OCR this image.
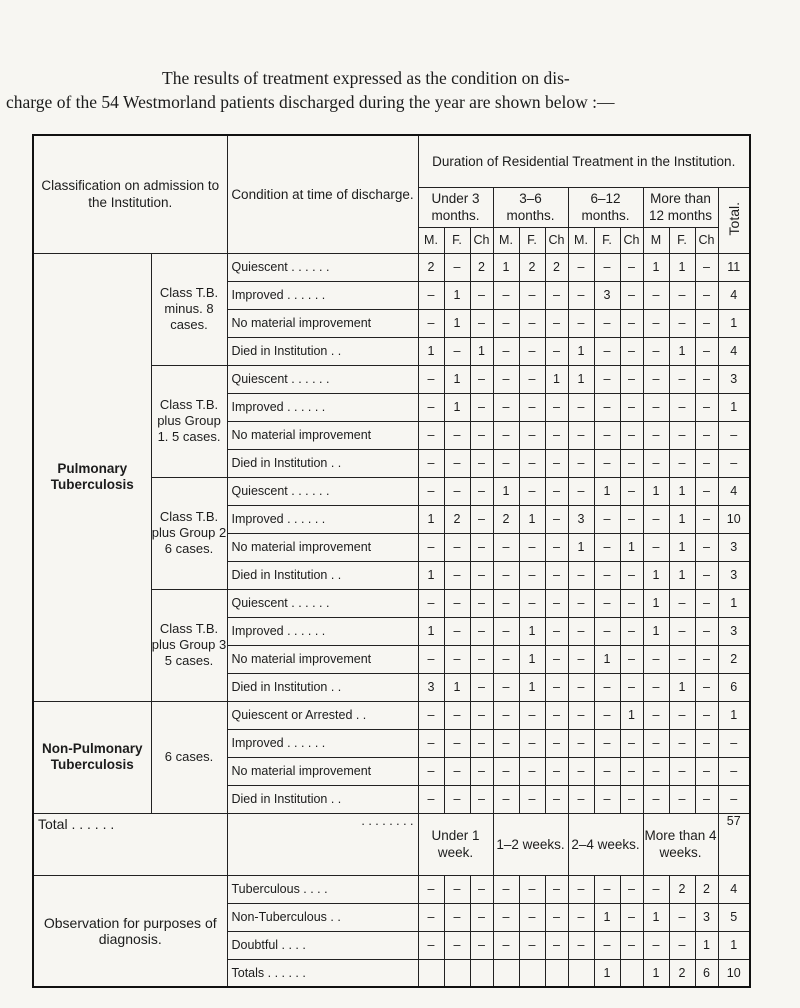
The results of treatment expressed as the condition on dis-
charge of the 54 Westmorland patients discharged during the year are shown below :—
Classification on admission to the Institution.		Condition at time of discharge.	Duration of Residential Treatment in the Institution.												
			Under 3 months.			3–6 months.			6–12 months.			More than 12 months			Total.
			M.	F.	Ch	M.	F.	Ch	M.	F.	Ch	M	F.	Ch	
Pulmonary Tuberculosis	Class T.B. minus. 8 cases.	Quiescent . . . . . .	2	–	2	1	2	2	–	–	–	1	1	–	11
		Improved . . . . . .	–	1	–	–	–	–	–	3	–	–	–	–	4
		No material improvement	–	1	–	–	–	–	–	–	–	–	–	–	1
		Died in Institution . .	1	–	1	–	–	–	1	–	–	–	1	–	4
	Class T.B. plus Group 1. 5 cases.	Quiescent . . . . . .	–	1	–	–	–	1	1	–	–	–	–	–	3
		Improved . . . . . .	–	1	–	–	–	–	–	–	–	–	–	–	1
		No material improvement	–	–	–	–	–	–	–	–	–	–	–	–	–
		Died in Institution . .	–	–	–	–	–	–	–	–	–	–	–	–	–
	Class T.B. plus Group 2 6 cases.	Quiescent . . . . . .	–	–	–	1	–	–	–	1	–	1	1	–	4
		Improved . . . . . .	1	2	–	2	1	–	3	–	–	–	1	–	10
		No material improvement	–	–	–	–	–	–	1	–	1	–	1	–	3
		Died in Institution . .	1	–	–	–	–	–	–	–	–	1	1	–	3
	Class T.B. plus Group 3 5 cases.	Quiescent . . . . . .	–	–	–	–	–	–	–	–	–	1	–	–	1
		Improved . . . . . .	1	–	–	–	1	–	–	–	–	1	–	–	3
		No material improvement	–	–	–	–	1	–	–	1	–	–	–	–	2
		Died in Institution . .	3	1	–	–	1	–	–	–	–	–	1	–	6
Non-Pulmonary Tuberculosis	6 cases.	Quiescent or Arrested . .	–	–	–	–	–	–	–	–	1	–	–	–	1
		Improved . . . . . .	–	–	–	–	–	–	–	–	–	–	–	–	–
		No material improvement	–	–	–	–	–	–	–	–	–	–	–	–	–
		Died in Institution . .	–	–	–	–	–	–	–	–	–	–	–	–	–
Total . . . . . .		. . . . . . . .	Under 1 week.			1–2 weeks.			2–4 weeks.			More than 4 weeks.			57
Observation for purposes of diagnosis.		Tuberculous . . . .	–	–	–	–	–	–	–	–	–	–	2	2	4
		Non-Tuberculous . .	–	–	–	–	–	–	–	1	–	1	–	3	5
		Doubtful . . . .	–	–	–	–	–	–	–	–	–	–	–	1	1
		Totals . . . . . .								1		1	2	6	10
